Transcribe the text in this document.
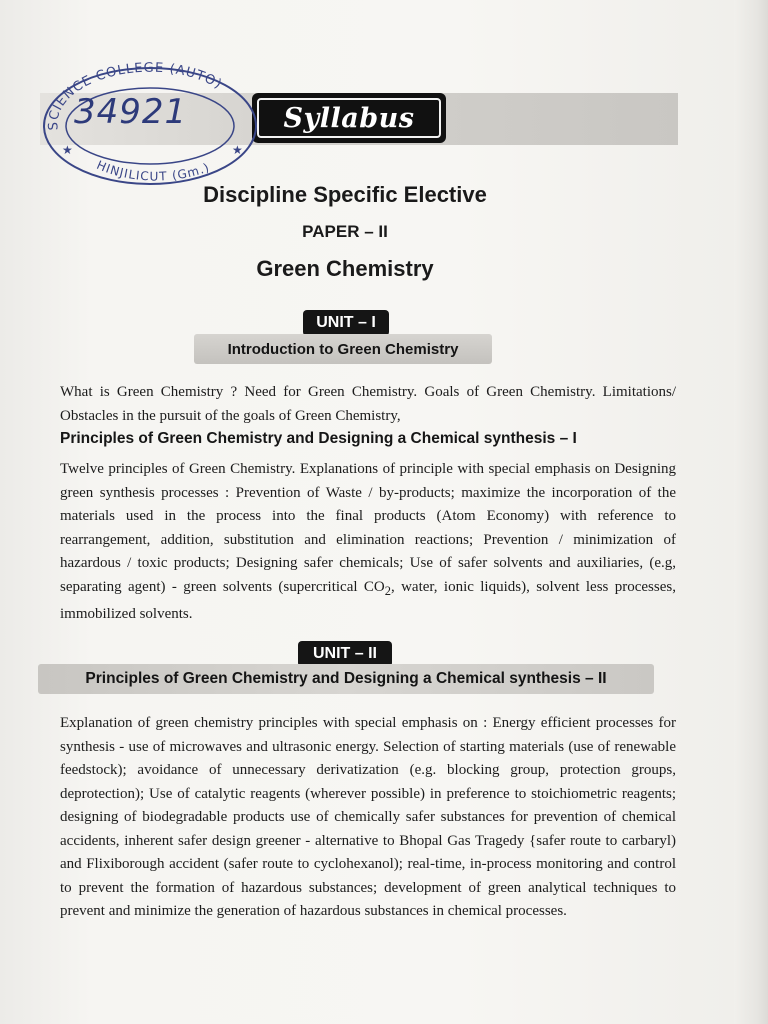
Syllabus
SCIENCE COLLEGE (AUTO)
HINJILICUT (Gm.)
★	★
34921
Discipline Specific Elective
PAPER – II
Green Chemistry
UNIT – I
Introduction to Green Chemistry
What is Green Chemistry ? Need for Green Chemistry. Goals of Green Chemistry. Limitations/ Obstacles in the pursuit of the goals of Green Chemistry,
Principles of Green Chemistry and Designing a Chemical synthesis – I
Twelve principles of Green Chemistry. Explanations of principle with special emphasis on Designing green synthesis processes : Prevention of Waste / by-products; maximize the incorporation of the materials used in the process into the final products (Atom Economy) with reference to rearrangement, addition, substitution and elimination reactions; Prevention / minimization of hazardous / toxic products; Designing safer chemicals; Use of safer solvents and auxiliaries, (e.g, separating agent) - green solvents (supercritical $CO_2$, water, ionic liquids), solvent less processes, immobilized solvents.
UNIT – II
Principles of Green Chemistry and Designing a Chemical synthesis – II
Explanation of green chemistry principles with special emphasis on : Energy efficient processes for synthesis - use of microwaves and ultrasonic energy. Selection of starting materials (use of renewable feedstock); avoidance of unnecessary derivatization (e.g. blocking group, protection groups, deprotection); Use of catalytic reagents (wherever possible) in preference to stoichiometric reagents; designing of biodegradable products use of chemically safer substances for prevention of chemical accidents, inherent safer design greener - alternative to Bhopal Gas Tragedy {safer route to carbaryl) and Flixiborough accident (safer route to cyclohexanol); real-time, in-process monitoring and control to prevent the formation of hazardous substances; development of green analytical techniques to prevent and minimize the generation of hazardous substances in chemical processes.
